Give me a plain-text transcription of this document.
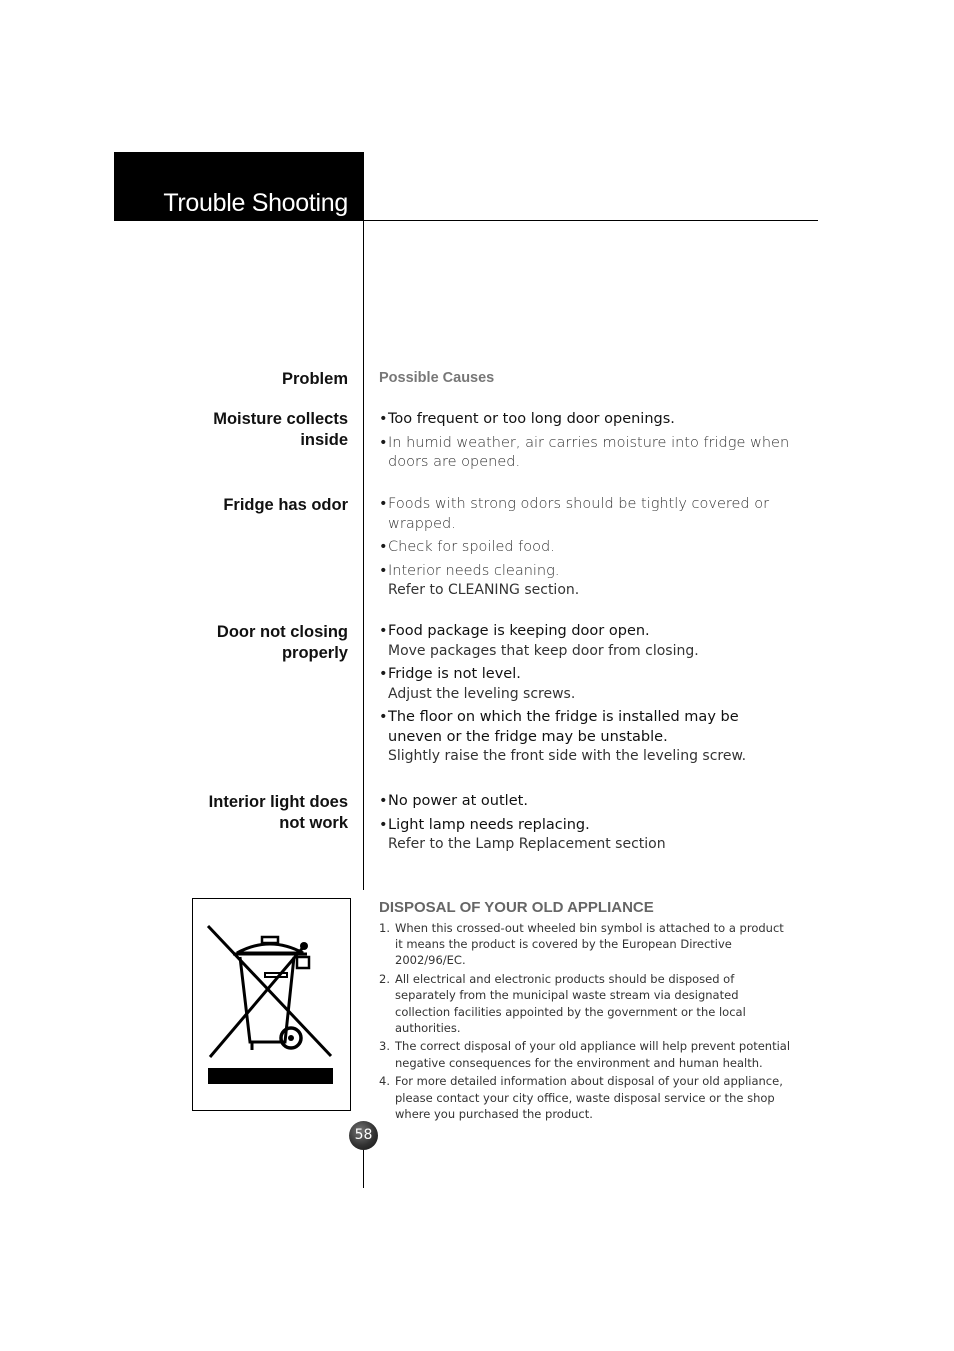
Trouble Shooting
Problem Possible Causes
Moisture collects
inside
• Too frequent or too long door openings.
• In humid weather, air carries moisture into fridge when
doors are opened.
Fridge has odor • Foods with strong odors should be tightly covered or
wrapped.
• Check for spoiled food.
• Interior needs cleaning.
Refer to CLEANING section.
Door not closing
properly
• Food package is keeping door open.
Move packages that keep door from closing.
• Fridge is not level.
Adjust the leveling screws.
• The floor on which the fridge is installed may be
uneven or the fridge may be unstable.
Slightly raise the front side with the leveling screw.
Interior light does
not work
• No power at outlet.
• Light lamp needs replacing.
Refer to the Lamp Replacement section
DISPOSAL OF YOUR OLD APPLIANCE
1. When this crossed-out wheeled bin symbol is attached to a product
it means the product is covered by the European Directive
2002/96/EC.
2. All electrical and electronic products should be disposed of
separately from the municipal waste stream via designated
collection facilities appointed by the government or the local
authorities.
3. The correct disposal of your old appliance will help prevent potential
negative consequences for the environment and human health.
4. For more detailed information about disposal of your old appliance,
please contact your city office, waste disposal service or the shop
where you purchased the product.
58
